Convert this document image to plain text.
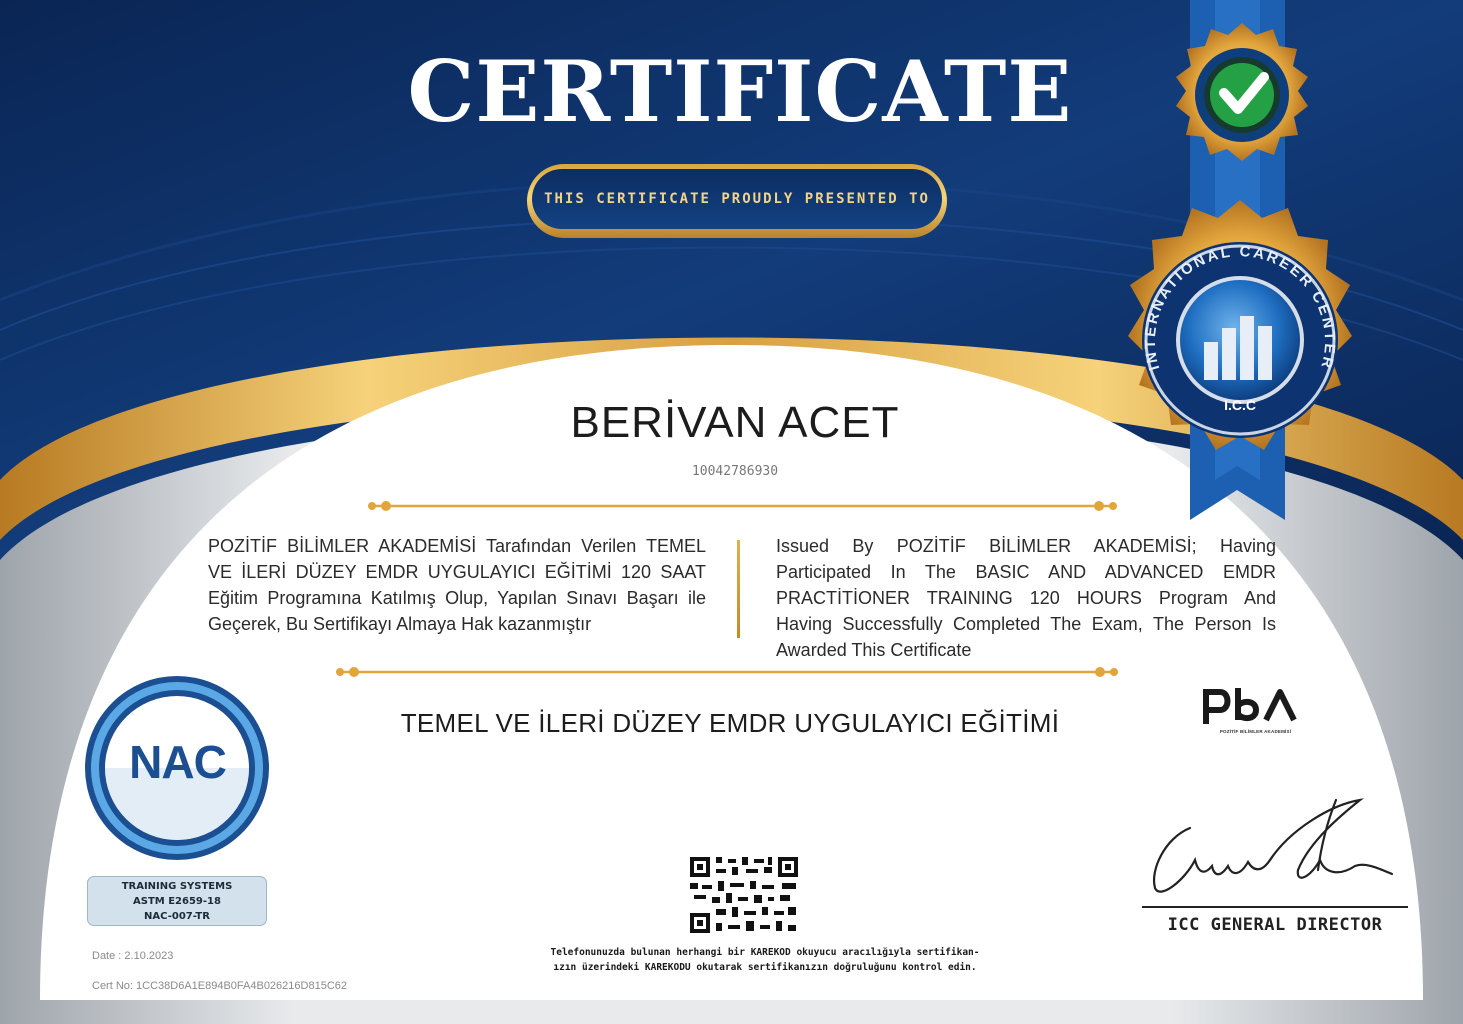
CERTIFICATE
THIS CERTIFICATE PROUDLY PRESENTED TO
INTERNATIONAL CAREER CENTER
I.C.C
BERİVAN ACET
10042786930
POZİTİF BİLİMLER AKADEMİSİ Tarafından Verilen TEMEL VE İLERİ DÜZEY EMDR UYGULAYICI EĞİTİMİ 120 SAAT Eğitim Programına Katılmış Olup, Yapılan Sınavı Başarı ile Geçerek, Bu Sertifikayı Almaya Hak kazanmıştır
Issued By POZİTİF BİLİMLER AKADEMİSİ; Having Participated In The BASIC AND ADVANCED EMDR PRACTİTİONER TRAINING 120 HOURS Program And Having Successfully Completed The Exam, The Person Is Awarded This Certificate
TEMEL VE İLERİ DÜZEY EMDR UYGULAYICI EĞİTİMİ
NAC
TRAINING SYSTEMS
ASTM E2659-18
NAC-007-TR
Date : 2.10.2023
Cert No: 1CC38D6A1E894B0FA4B026216D815C62
Telefonunuzda bulunan herhangi bir KAREKOD okuyucu aracılığıyla sertifikan-
ızın üzerindeki KAREKODU okutarak sertifikanızın doğruluğunu kontrol edin.
ICC GENERAL DIRECTOR
POZİTİF BİLİMLER AKADEMİSİ
